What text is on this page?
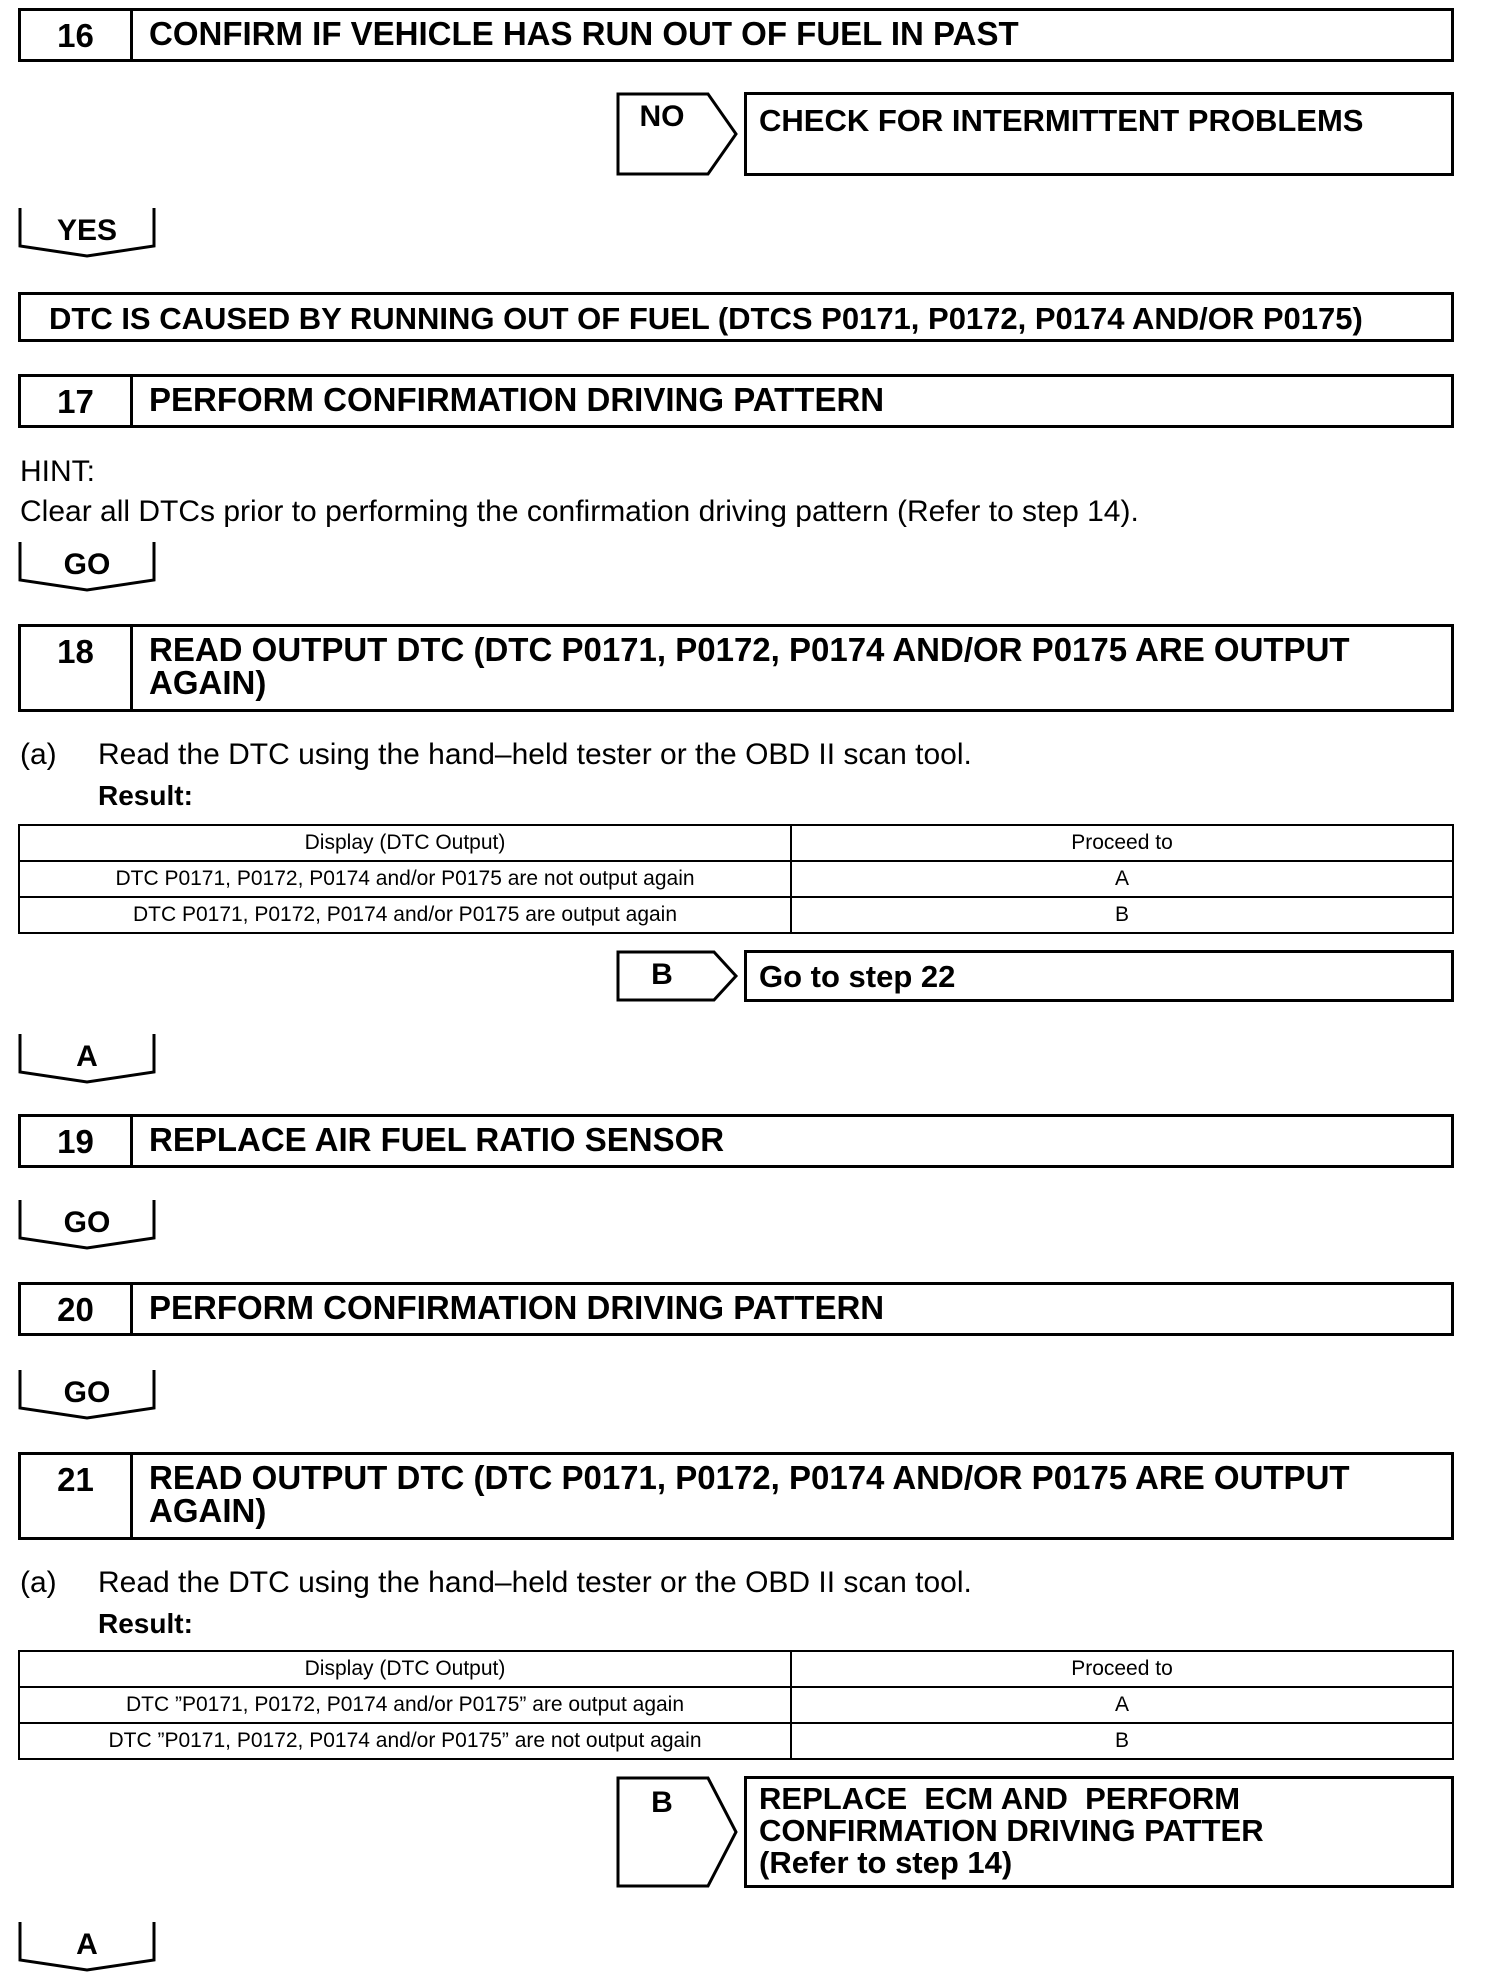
16	CONFIRM IF VEHICLE HAS RUN OUT OF FUEL IN PAST
NO	CHECK FOR INTERMITTENT PROBLEMS
YES
DTC IS CAUSED BY RUNNING OUT OF FUEL (DTCS P0171, P0172, P0174 AND/OR P0175)
17	PERFORM CONFIRMATION DRIVING PATTERN
HINT:
Clear all DTCs prior to performing the confirmation driving pattern (Refer to step 14).
GO
18	READ OUTPUT DTC (DTC P0171, P0172, P0174 AND/OR P0175 ARE OUTPUT
AGAIN)
(a) Read the DTC using the hand–held tester or the OBD II scan tool.
Result:
Display (DTC Output)	Proceed to
DTC P0171, P0172, P0174 and/or P0175 are not output again	A
DTC P0171, P0172, P0174 and/or P0175 are output again	B
B	Go to step 22
A
19	REPLACE AIR FUEL RATIO SENSOR
GO
20	PERFORM CONFIRMATION DRIVING PATTERN
GO
21	READ OUTPUT DTC (DTC P0171, P0172, P0174 AND/OR P0175 ARE OUTPUT
AGAIN)
(a) Read the DTC using the hand–held tester or the OBD II scan tool.
Result:
Display (DTC Output)	Proceed to
DTC ”P0171, P0172, P0174 and/or P0175” are output again	A
DTC ”P0171, P0172, P0174 and/or P0175” are not output again	B
B	REPLACE  ECM AND  PERFORM
CONFIRMATION DRIVING PATTER
(Refer to step 14)
A
